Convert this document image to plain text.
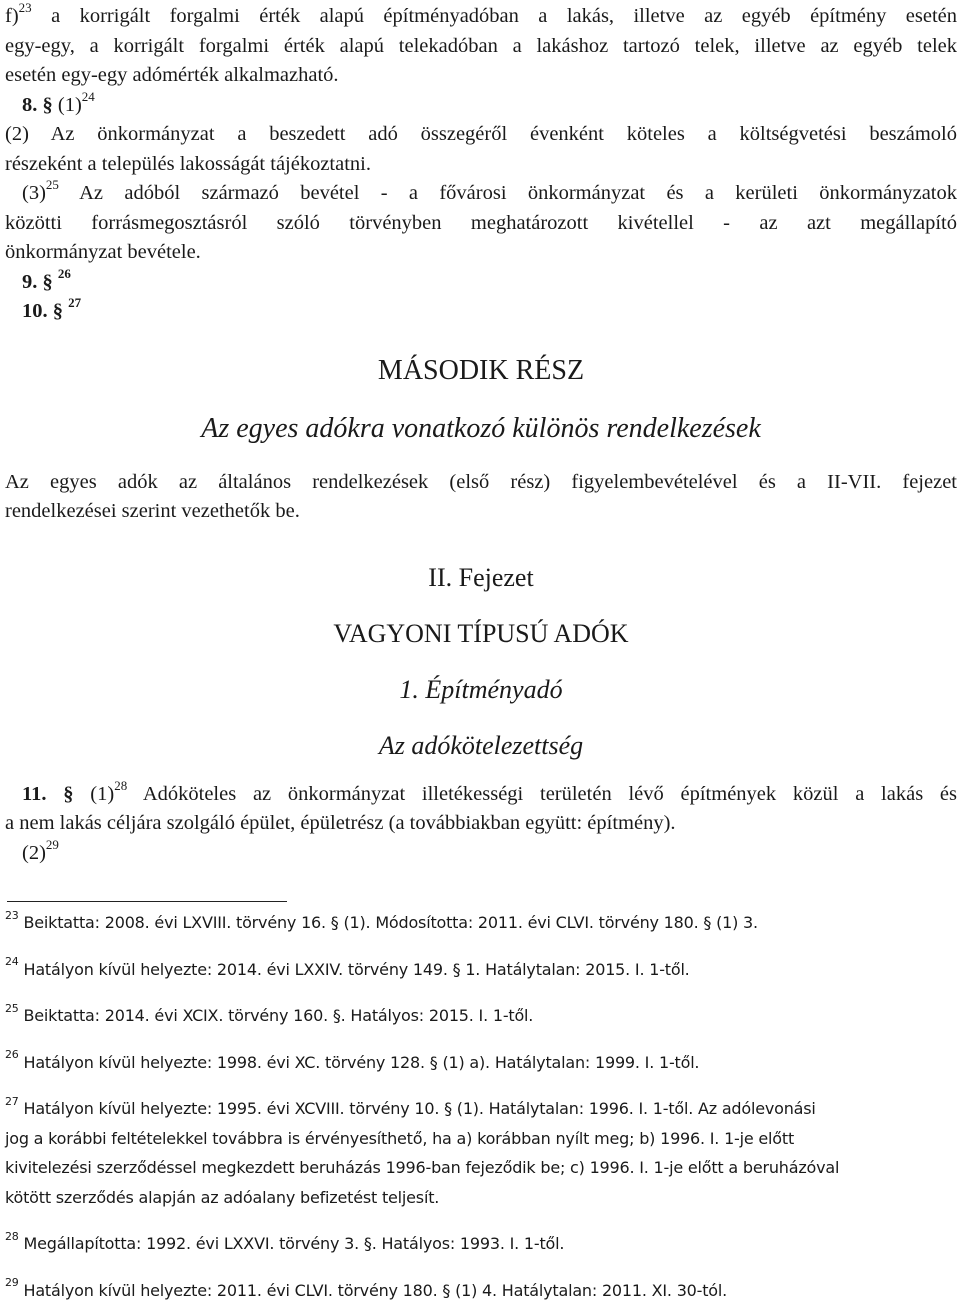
f)$^{23}$ a korrigált forgalmi érték alapú építményadóban a lakás, illetve az egyéb építmény esetén

egy-egy, a korrigált forgalmi érték alapú telekadóban a lakáshoz tartozó telek, illetve az egyéb telek

esetén egy-egy adómérték alkalmazható.

8. § $(1)^{24}$

(2) Az önkormányzat a beszedett adó összegéről évenként köteles a költségvetési beszámoló

részeként a település lakosságát tájékoztatni.

$(3)^{25}$ Az adóból származó bevétel - a fővárosi önkormányzat és a kerületi önkormányzatok

közötti forrásmegosztásról szóló törvényben meghatározott kivétellel - az azt megállapító

önkormányzat bevétele.

9. § $^{26}$

10. § $^{27}$

MÁSODIK RÉSZ
Az egyes adókra vonatkozó különös rendelkezések

Az egyes adók az általános rendelkezések (első rész) figyelembevételével és a II-VII. fejezet

rendelkezései szerint vezethetők be.

II. Fejezet
VAGYONI TÍPUSÚ ADÓK
1. Építményadó
Az adókötelezettség

11. § $(1)^{28}$ Adóköteles az önkormányzat illetékességi területén lévő építmények közül a lakás és

a nem lakás céljára szolgáló épület, épületrész (a továbbiakban együtt: építmény).

$(2)^{29}$

$^{23}$ Beiktatta: 2008. évi LXVIII. törvény 16. § (1). Módosította: 2011. évi CLVI. törvény 180. § (1) 3.

$^{24}$ Hatályon kívül helyezte: 2014. évi LXXIV. törvény 149. § 1. Hatálytalan: 2015. I. 1-től.

$^{25}$ Beiktatta: 2014. évi XCIX. törvény 160. §. Hatályos: 2015. I. 1-től.

$^{26}$ Hatályon kívül helyezte: 1998. évi XC. törvény 128. § (1) a). Hatálytalan: 1999. I. 1-től.

$^{27}$ Hatályon kívül helyezte: 1995. évi XCVIII. törvény 10. § (1). Hatálytalan: 1996. I. 1-től. Az adólevonási

jog a korábbi feltételekkel továbbra is érvényesíthető, ha a) korábban nyílt meg; b) 1996. I. 1-je előtt

kivitelezési szerződéssel megkezdett beruházás 1996-ban fejeződik be; c) 1996. I. 1-je előtt a beruházóval

kötött szerződés alapján az adóalany befizetést teljesít.

$^{28}$ Megállapította: 1992. évi LXXVI. törvény 3. §. Hatályos: 1993. I. 1-től.

$^{29}$ Hatályon kívül helyezte: 2011. évi CLVI. törvény 180. § (1) 4. Hatálytalan: 2011. XI. 30-tól.
